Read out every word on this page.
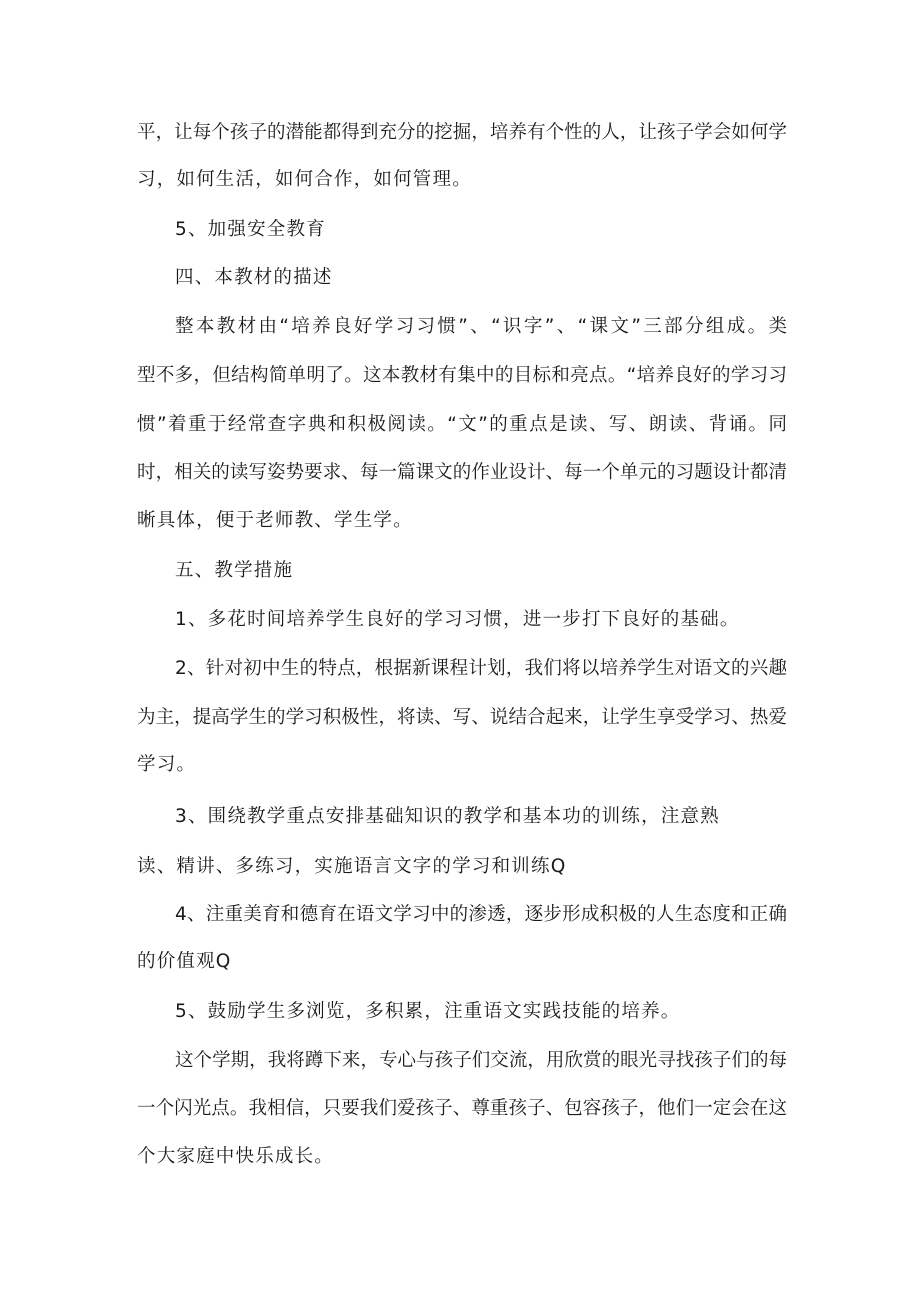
平，让每个孩子的潜能都得到充分的挖掘，培养有个性的人，让孩子学会如何学

习，如何生活，如何合作，如何管理。

5、加强安全教育

四、本教材的描述

整本教材由“培养良好学习习惯”、“识字”、“课文”三部分组成。类

型不多，但结构简单明了。这本教材有集中的目标和亮点。“培养良好的学习习

惯”着重于经常查字典和积极阅读。“文”的重点是读、写、朗读、背诵。同

时，相关的读写姿势要求、每一篇课文的作业设计、每一个单元的习题设计都清

晰具体，便于老师教、学生学。

五、教学措施

1、多花时间培养学生良好的学习习惯，进一步打下良好的基础。

2、针对初中生的特点，根据新课程计划，我们将以培养学生对语文的兴趣

为主，提高学生的学习积极性，将读、写、说结合起来，让学生享受学习、热爱

学习。

3、围绕教学重点安排基础知识的教学和基本功的训练，注意熟

读、精讲、多练习，实施语言文字的学习和训练Q

4、注重美育和德育在语文学习中的渗透，逐步形成积极的人生态度和正确

的价值观Q

5、鼓励学生多浏览，多积累，注重语文实践技能的培养。

这个学期，我将蹲下来，专心与孩子们交流，用欣赏的眼光寻找孩子们的每

一个闪光点。我相信，只要我们爱孩子、尊重孩子、包容孩子，他们一定会在这

个大家庭中快乐成长。
